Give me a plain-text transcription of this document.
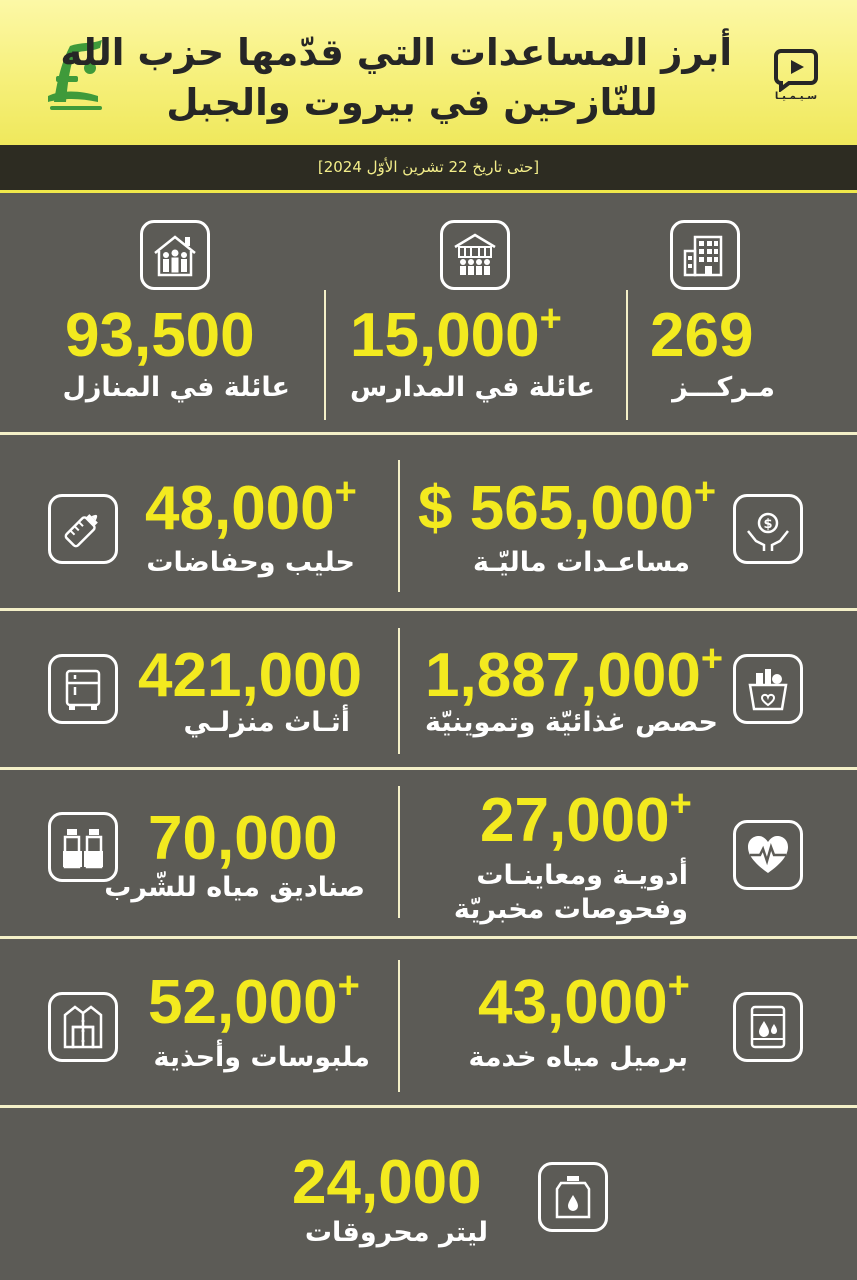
أبرز المساعدات التي قدّمها حزب الله
للنّازحين في بيروت والجبل	سـيـمـيـا
[حتى تاريخ 22 تشرين الأوّل 2024]
269
مـركـــز
15,000+
عائلة في المدارس
93,500
عائلة في المنازل
$
$ 565,000+
مساعـدات ماليّـة
48,000+
حليب وحفاضات
1,887,000+
حصص غذائيّة وتموينيّة
421,000
أثـاث منزلـي
27,000+
أدويـة ومعاينـات
وفحوصات مخبريّة
70,000
صناديق مياه للشّرب
43,000+
برميل مياه خدمة
52,000+
ملبوسات وأحذية
24,000
ليتر محروقات
